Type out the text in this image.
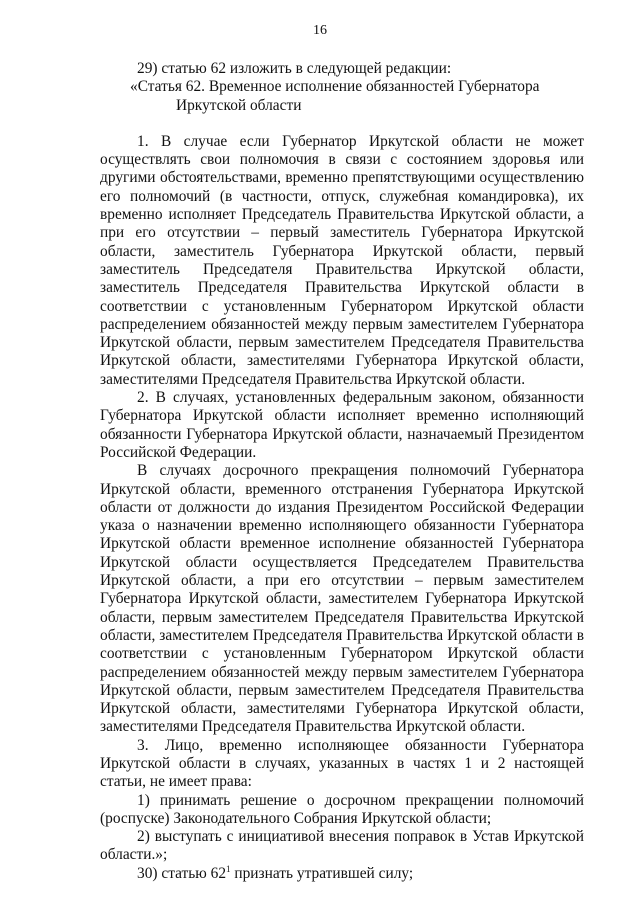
16

29) статью 62 изложить в следующей редакции:

«Статья 62. Временное исполнение обязанностей Губернатора Иркутской области

1. В случае если Губернатор Иркутской области не может осуществлять свои полномочия в связи с состоянием здоровья или другими обстоятельствами, временно препятствующими осуществлению его полномочий (в частности, отпуск, служебная командировка), их временно исполняет Председатель Правительства Иркутской области, а при его отсутствии – первый заместитель Губернатора Иркутской области, заместитель Губернатора Иркутской области, первый заместитель Председателя Правительства Иркутской области, заместитель Председателя Правительства Иркутской области в соответствии с установленным Губернатором Иркутской области распределением обязанностей между первым заместителем Губернатора Иркутской области, первым заместителем Председателя Правительства Иркутской области, заместителями Губернатора Иркутской области, заместителями Председателя Правительства Иркутской области.

2. В случаях, установленных федеральным законом, обязанности Губернатора Иркутской области исполняет временно исполняющий обязанности Губернатора Иркутской области, назначаемый Президентом Российской Федерации.

В случаях досрочного прекращения полномочий Губернатора Иркутской области, временного отстранения Губернатора Иркутской области от должности до издания Президентом Российской Федерации указа о назначении временно исполняющего обязанности Губернатора Иркутской области временное исполнение обязанностей Губернатора Иркутской области осуществляется Председателем Правительства Иркутской области, а при его отсутствии – первым заместителем Губернатора Иркутской области, заместителем Губернатора Иркутской области, первым заместителем Председателя Правительства Иркутской области, заместителем Председателя Правительства Иркутской области в соответствии с установленным Губернатором Иркутской области распределением обязанностей между первым заместителем Губернатора Иркутской области, первым заместителем Председателя Правительства Иркутской области, заместителями Губернатора Иркутской области, заместителями Председателя Правительства Иркутской области.

3. Лицо, временно исполняющее обязанности Губернатора Иркутской области в случаях, указанных в частях 1 и 2 настоящей статьи, не имеет права:

1) принимать решение о досрочном прекращении полномочий (роспуске) Законодательного Собрания Иркутской области;

2) выступать с инициативой внесения поправок в Устав Иркутской области.»;

30) статью $62^1$ признать утратившей силу;
